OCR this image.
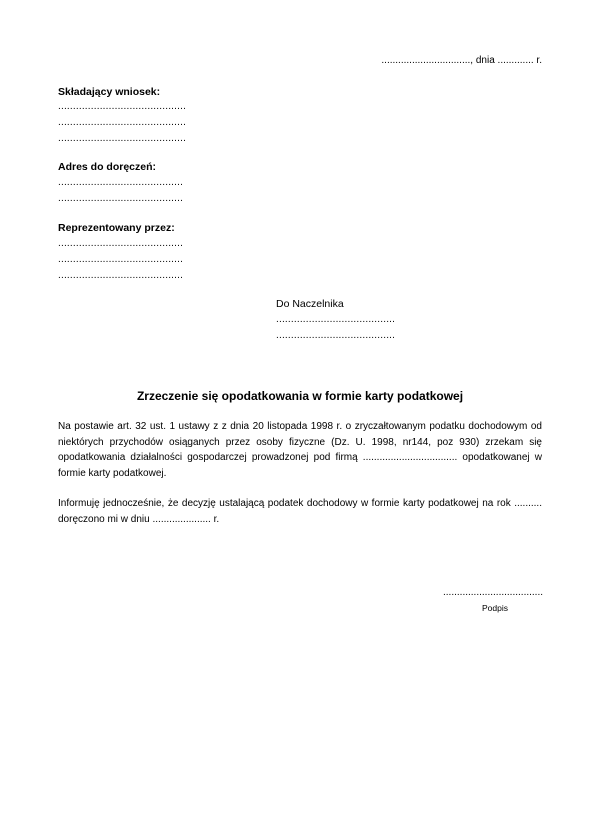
................................, dnia ............. r.
Składający wniosek:
...........................................
...........................................
...........................................
Adres do doręczeń:
..........................................
..........................................
Reprezentowany przez:
..........................................
..........................................
..........................................
Do Naczelnika
........................................
........................................
Zrzeczenie się opodatkowania w formie karty podatkowej

Na postawie art. 32 ust. 1 ustawy z z dnia 20 listopada 1998 r. o zryczałtowanym podatku dochodowym od niektórych przychodów osiąganych przez osoby fizyczne (Dz. U. 1998, nr144, poz 930) zrzekam się opodatkowania działalności gospodarczej prowadzonej pod firmą .................................. opodatkowanej w formie karty podatkowej.

Informuję jednocześnie, że decyzję ustalającą podatek dochodowy w formie karty podatkowej na rok .......... doręczono mi w dniu ..................... r.

....................................
Podpis
